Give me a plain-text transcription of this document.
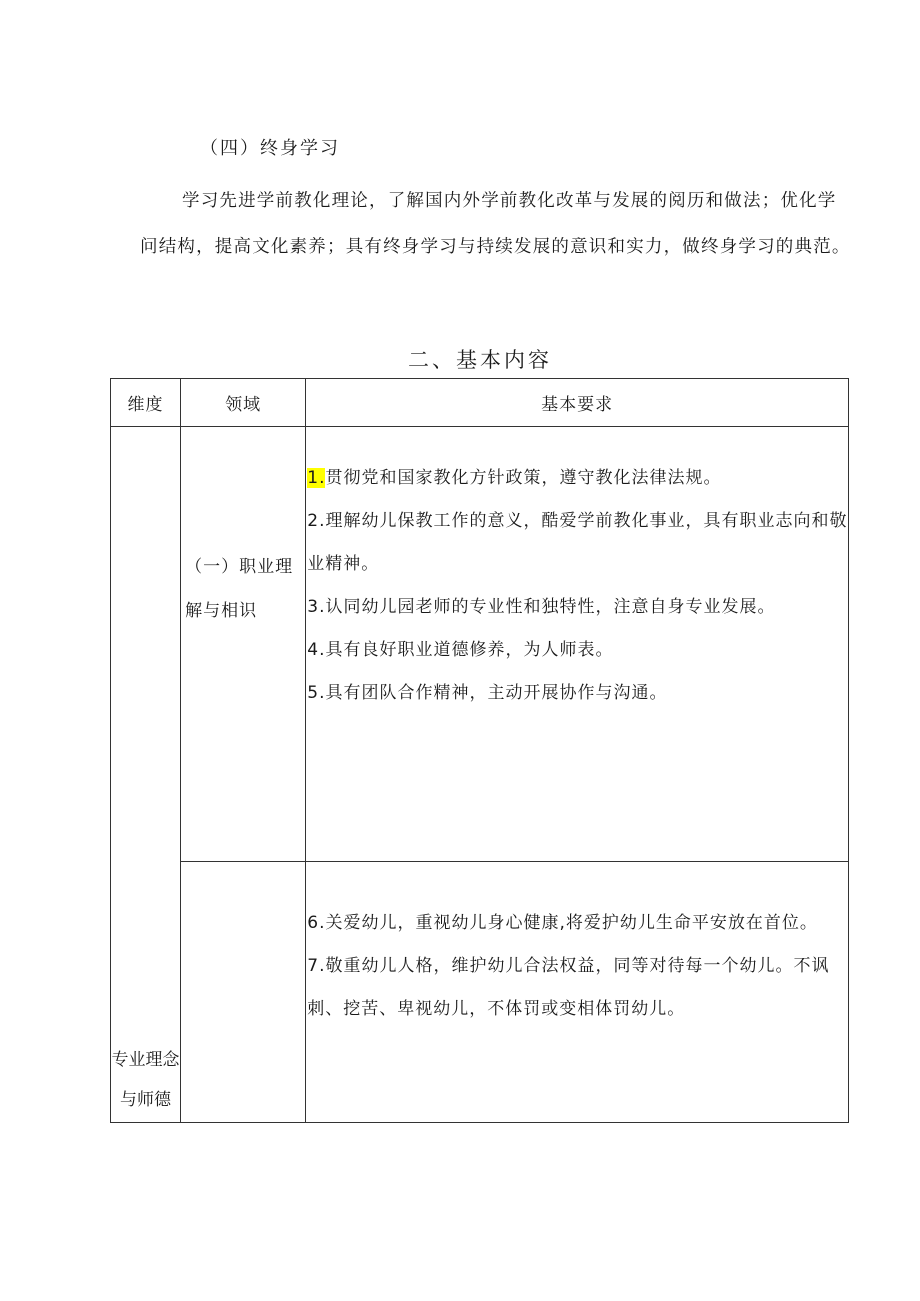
（四）终身学习

学习先进学前教化理论，了解国内外学前教化改革与发展的阅历和做法；优化学问结构，提高文化素养；具有终身学习与持续发展的意识和实力，做终身学习的典范。

二、基本内容
维度	领域	基本要求
专业理念与师德	（一）职业理解与相识	1.贯彻党和国家教化方针政策，遵守教化法律法规。
2.理解幼儿保教工作的意义，酷爱学前教化事业，具有职业志向和敬业精神。
3.认同幼儿园老师的专业性和独特性，注意自身专业发展。
4.具有良好职业道德修养，为人师表。
5.具有团队合作精神，主动开展协作与沟通。

		6.关爱幼儿，重视幼儿身心健康,将爱护幼儿生命平安放在首位。
7.敬重幼儿人格，维护幼儿合法权益，同等对待每一个幼儿。不讽刺、挖苦、卑视幼儿，不体罚或变相体罚幼儿。
